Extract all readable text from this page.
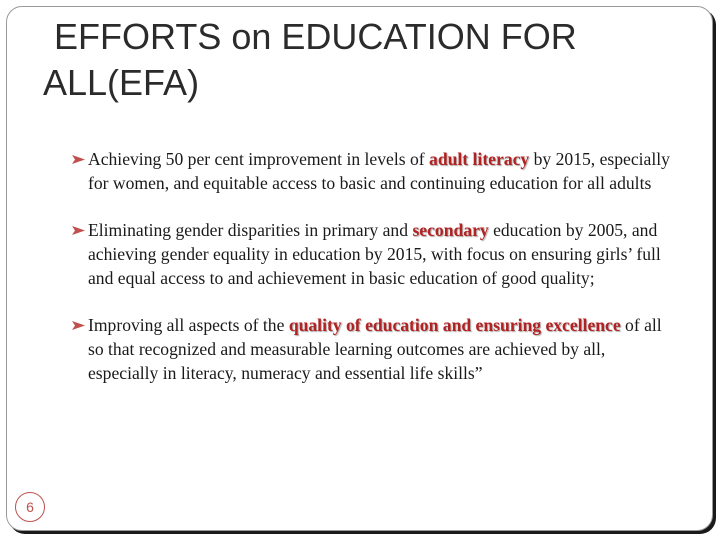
EFFORTS on EDUCATION FOR
ALL(EFA)
Achieving 50 per cent improvement in levels of adult literacy by 2015, especially for women, and equitable access to basic and continuing education for all adults
Eliminating gender disparities in primary and secondary education by 2005, and achieving gender equality in education by 2015, with focus on ensuring girls’ full and equal access to and achievement in basic education of good quality;
Improving all aspects of the quality of education and ensuring excellence of all so that recognized and measurable learning outcomes are achieved by all, especially in literacy, numeracy and essential life skills”
6
